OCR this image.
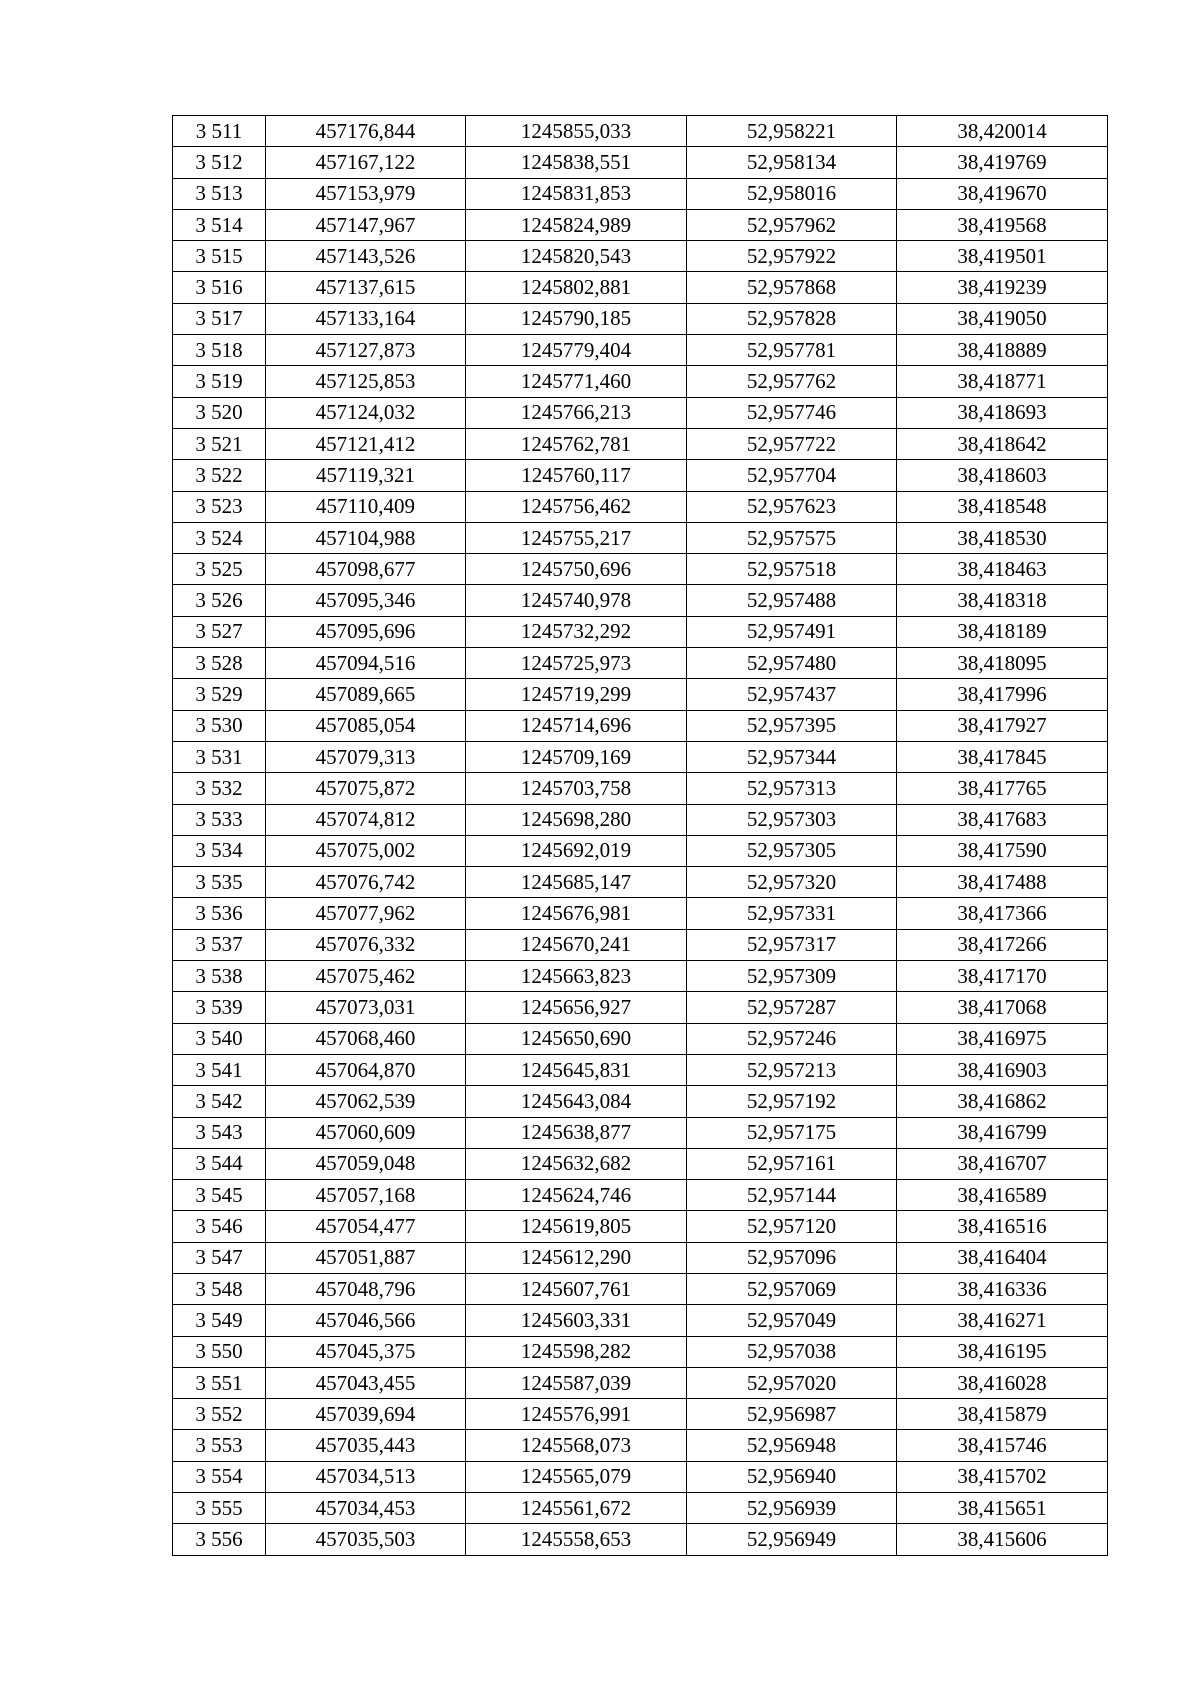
3 511	457176,844	1245855,033	52,958221	38,420014
3 512	457167,122	1245838,551	52,958134	38,419769
3 513	457153,979	1245831,853	52,958016	38,419670
3 514	457147,967	1245824,989	52,957962	38,419568
3 515	457143,526	1245820,543	52,957922	38,419501
3 516	457137,615	1245802,881	52,957868	38,419239
3 517	457133,164	1245790,185	52,957828	38,419050
3 518	457127,873	1245779,404	52,957781	38,418889
3 519	457125,853	1245771,460	52,957762	38,418771
3 520	457124,032	1245766,213	52,957746	38,418693
3 521	457121,412	1245762,781	52,957722	38,418642
3 522	457119,321	1245760,117	52,957704	38,418603
3 523	457110,409	1245756,462	52,957623	38,418548
3 524	457104,988	1245755,217	52,957575	38,418530
3 525	457098,677	1245750,696	52,957518	38,418463
3 526	457095,346	1245740,978	52,957488	38,418318
3 527	457095,696	1245732,292	52,957491	38,418189
3 528	457094,516	1245725,973	52,957480	38,418095
3 529	457089,665	1245719,299	52,957437	38,417996
3 530	457085,054	1245714,696	52,957395	38,417927
3 531	457079,313	1245709,169	52,957344	38,417845
3 532	457075,872	1245703,758	52,957313	38,417765
3 533	457074,812	1245698,280	52,957303	38,417683
3 534	457075,002	1245692,019	52,957305	38,417590
3 535	457076,742	1245685,147	52,957320	38,417488
3 536	457077,962	1245676,981	52,957331	38,417366
3 537	457076,332	1245670,241	52,957317	38,417266
3 538	457075,462	1245663,823	52,957309	38,417170
3 539	457073,031	1245656,927	52,957287	38,417068
3 540	457068,460	1245650,690	52,957246	38,416975
3 541	457064,870	1245645,831	52,957213	38,416903
3 542	457062,539	1245643,084	52,957192	38,416862
3 543	457060,609	1245638,877	52,957175	38,416799
3 544	457059,048	1245632,682	52,957161	38,416707
3 545	457057,168	1245624,746	52,957144	38,416589
3 546	457054,477	1245619,805	52,957120	38,416516
3 547	457051,887	1245612,290	52,957096	38,416404
3 548	457048,796	1245607,761	52,957069	38,416336
3 549	457046,566	1245603,331	52,957049	38,416271
3 550	457045,375	1245598,282	52,957038	38,416195
3 551	457043,455	1245587,039	52,957020	38,416028
3 552	457039,694	1245576,991	52,956987	38,415879
3 553	457035,443	1245568,073	52,956948	38,415746
3 554	457034,513	1245565,079	52,956940	38,415702
3 555	457034,453	1245561,672	52,956939	38,415651
3 556	457035,503	1245558,653	52,956949	38,415606
